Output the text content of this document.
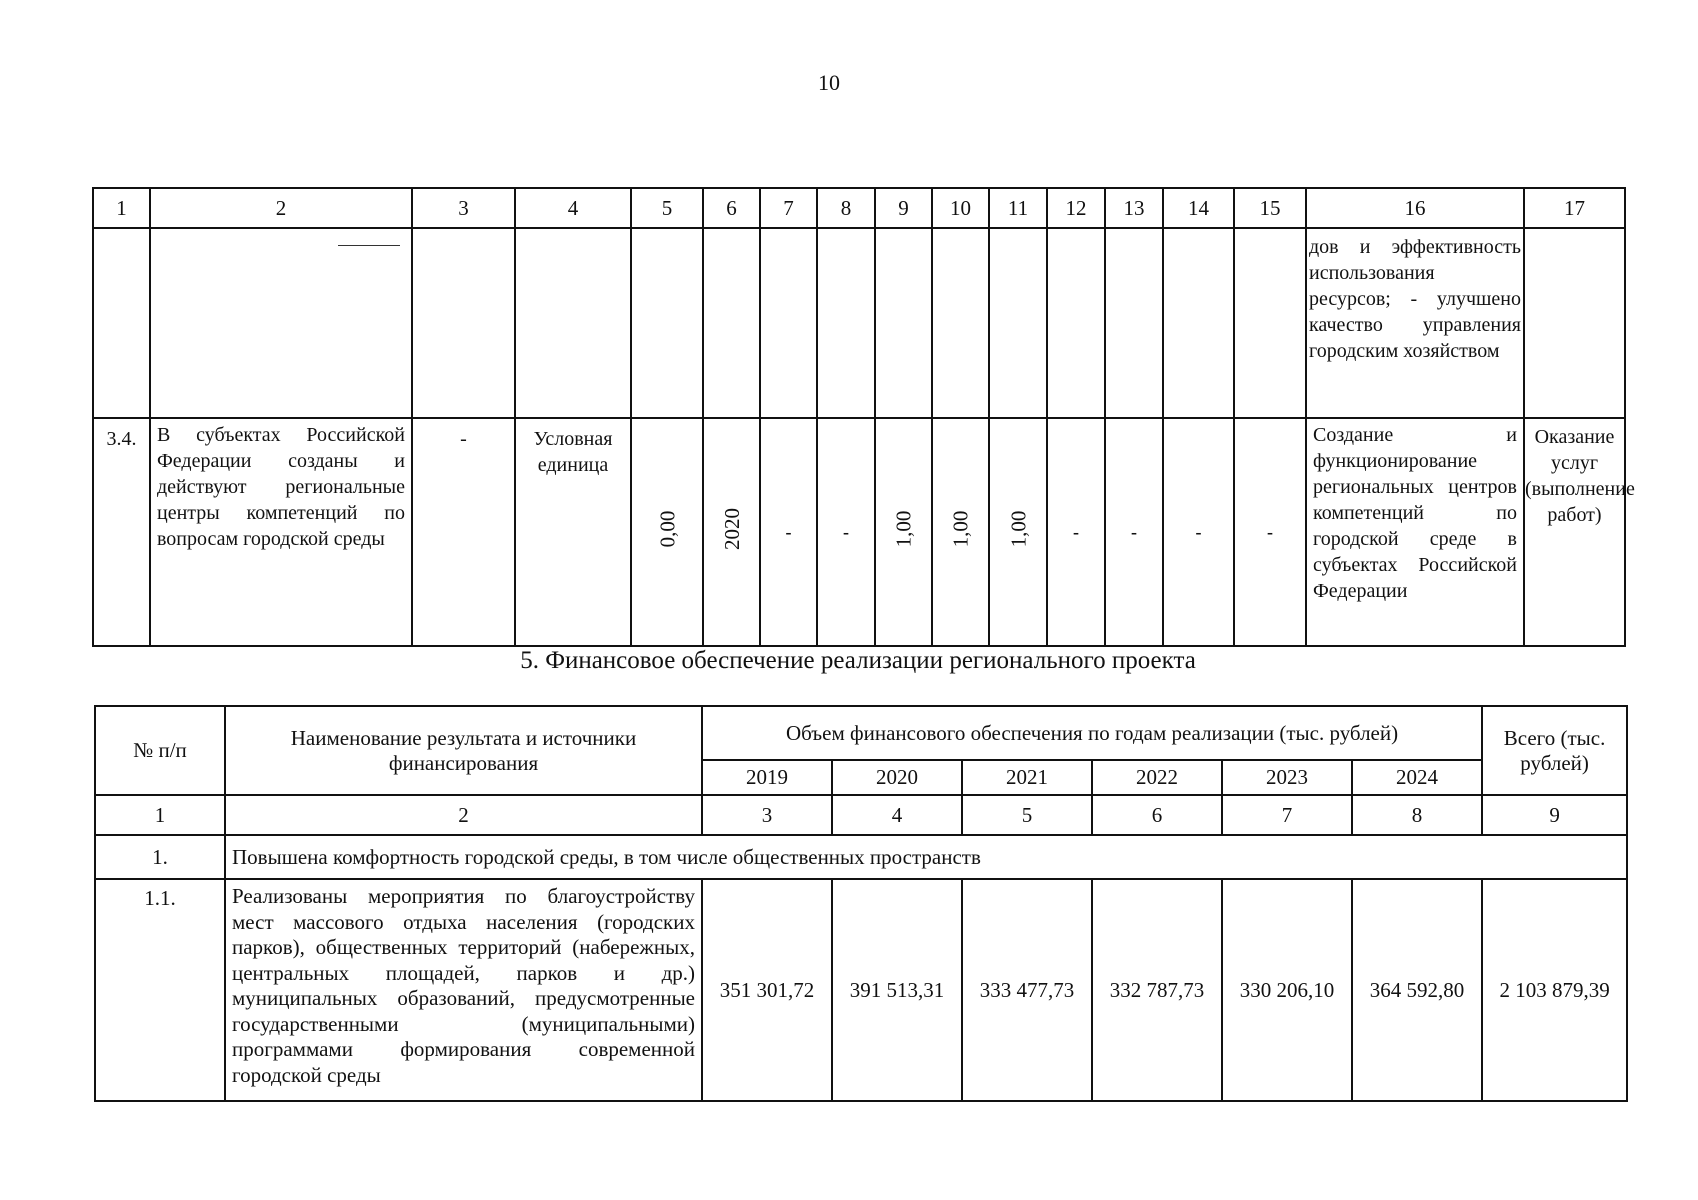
10
1	2	3	4	5	6	7	8	9	10	11	12	13	14	15	16	17
															дов и эффективность использования ресурсов; - улучшено качество управления городским хозяйством	
3.4.	В субъектах Российской Федерации созданы и действуют региональные центры компетенций по вопросам городской среды	-	Условная единица	0,00	2020	-	-	1,00	1,00	1,00	-	-	-	-	Создание и функционирование региональных центров компетенций по городской среде в субъектах Российской Федерации	Оказание услуг (выполнение работ)
5. Финансовое обеспечение реализации регионального проекта
№ п/п	Наименование результата и источники финансирования	Объем финансового обеспечения по годам реализации (тыс. рублей)						Всего (тыс. рублей)
		2019	2020	2021	2022	2023	2024	
1	2	3	4	5	6	7	8	9
1.	Повышена комфортность городской среды, в том числе общественных пространств							
1.1.	Реализованы мероприятия по благоустройству мест массового отдыха населения (городских парков), общественных территорий (набережных, центральных площадей, парков и др.) муниципальных образований, предусмотренные государственными (муниципальными) программами формирования современной городской среды	351 301,72	391 513,31	333 477,73	332 787,73	330 206,10	364 592,80	2 103 879,39
